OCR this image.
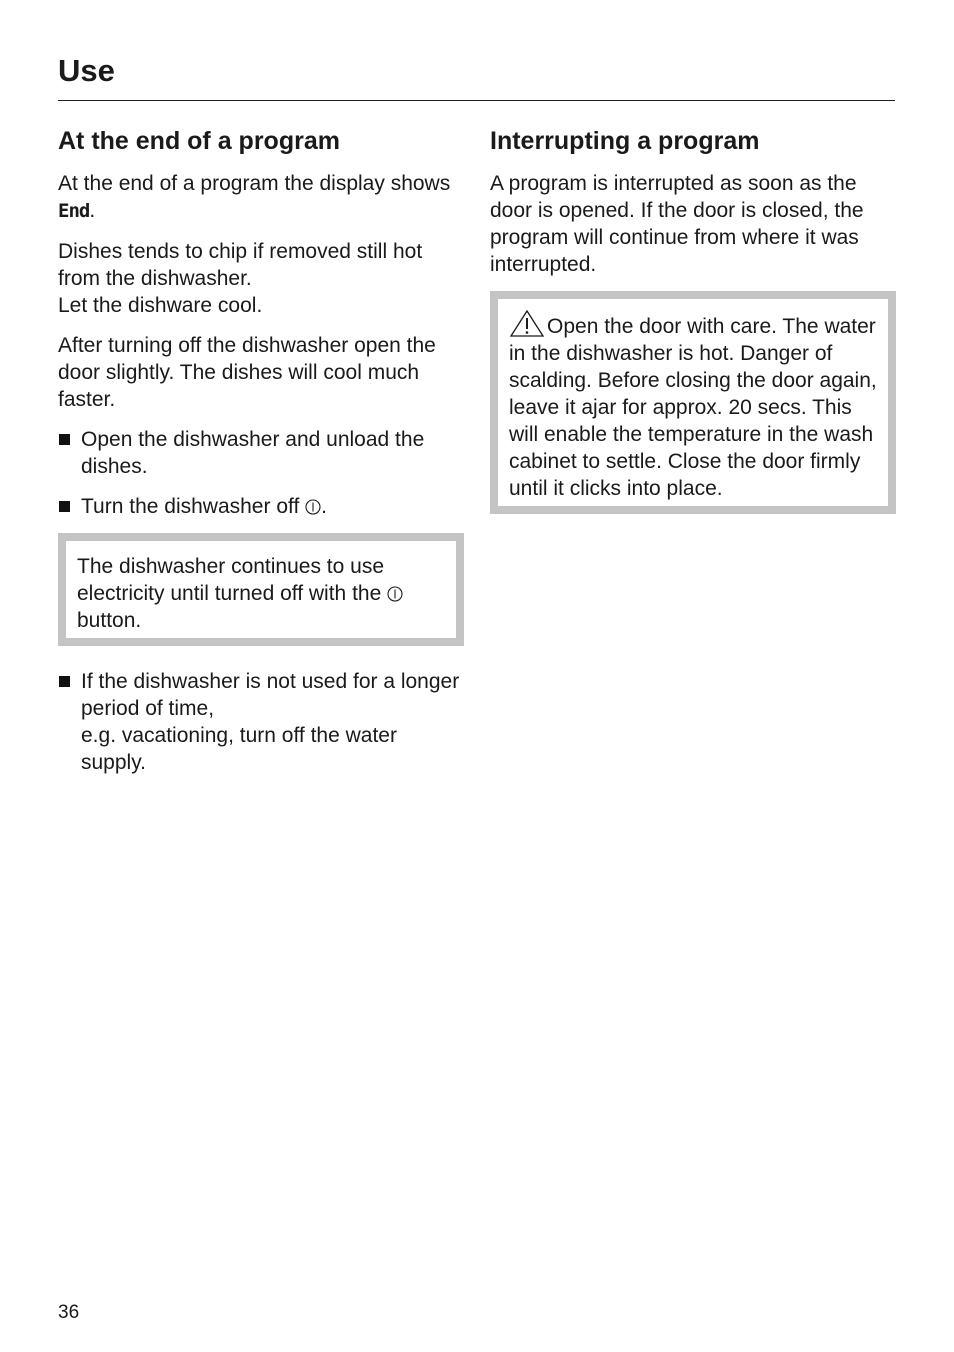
Use
At the end of a program

At the end of a program the display shows End.

Dishes tends to chip if removed still hot from the dishwasher.
Let the dishware cool.

After turning off the dishwasher open the door slightly. The dishes will cool much faster.

Open the dishwasher and unload the dishes.
Turn the dishwasher off .

The dishwasher continues to use electricity until turned off with the  button.

If the dishwasher is not used for a longer period of time,
e.g. vacationing, turn off the water supply.
Interrupting a program

A program is interrupted as soon as the door is opened. If the door is closed, the program will continue from where it was interrupted.

Open the door with care. The water in the dishwasher is hot. Danger of scalding. Before closing the door again, leave it ajar for approx. 20 secs. This will enable the temperature in the wash cabinet to settle. Close the door firmly until it clicks into place.

36
